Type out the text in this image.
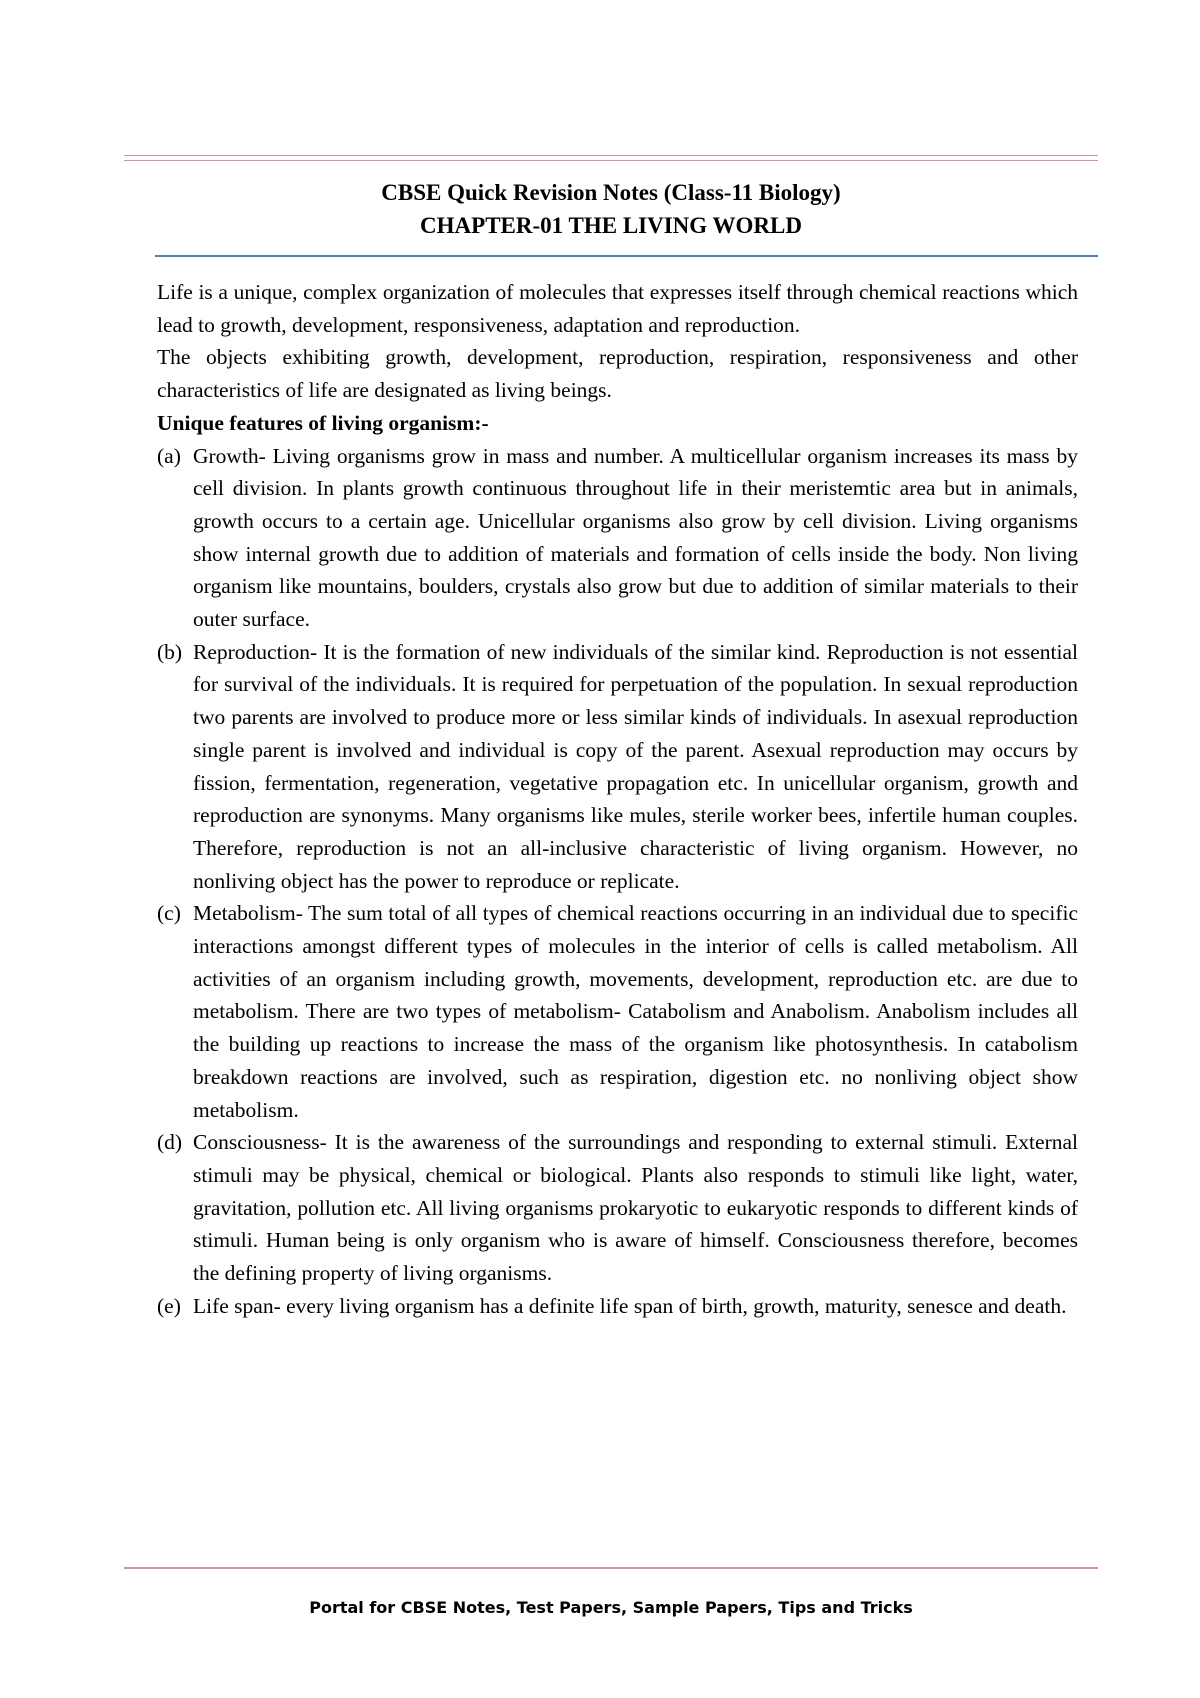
CBSE Quick Revision Notes (Class-11 Biology)
CHAPTER-01 THE LIVING WORLD

Life is a unique, complex organization of molecules that expresses itself through chemical reactions which lead to growth, development, responsiveness, adaptation and reproduction.

The objects exhibiting growth, development, reproduction, respiration, responsiveness and other characteristics of life are designated as living beings.

Unique features of living organism:-

(a) Growth- Living organisms grow in mass and number. A multicellular organism increases its mass by cell division. In plants growth continuous throughout life in their meristemtic area but in animals, growth occurs to a certain age. Unicellular organisms also grow by cell division. Living organisms show internal growth due to addition of materials and formation of cells inside the body. Non living organism like mountains, boulders, crystals also grow but due to addition of similar materials to their outer surface.
(b) Reproduction- It is the formation of new individuals of the similar kind. Reproduction is not essential for survival of the individuals. It is required for perpetuation of the population. In sexual reproduction two parents are involved to produce more or less similar kinds of individuals. In asexual reproduction single parent is involved and individual is copy of the parent. Asexual reproduction may occurs by fission, fermentation, regeneration, vegetative propagation etc. In unicellular organism, growth and reproduction are synonyms. Many organisms like mules, sterile worker bees, infertile human couples. Therefore, reproduction is not an all-inclusive characteristic of living organism. However, no nonliving object has the power to reproduce or replicate.
(c) Metabolism- The sum total of all types of chemical reactions occurring in an individual due to specific interactions amongst different types of molecules in the interior of cells is called metabolism. All activities of an organism including growth, movements, development, reproduction etc. are due to metabolism. There are two types of metabolism- Catabolism and Anabolism. Anabolism includes all the building up reactions to increase the mass of the organism like photosynthesis. In catabolism breakdown reactions are involved, such as respiration, digestion etc. no nonliving object show metabolism.
(d) Consciousness- It is the awareness of the surroundings and responding to external stimuli. External stimuli may be physical, chemical or biological. Plants also responds to stimuli like light, water, gravitation, pollution etc. All living organisms prokaryotic to eukaryotic responds to different kinds of stimuli. Human being is only organism who is aware of himself. Consciousness therefore, becomes the defining property of living organisms.
(e) Life span- every living organism has a definite life span of birth, growth, maturity, senesce and death.
Portal for CBSE Notes, Test Papers, Sample Papers, Tips and Tricks
